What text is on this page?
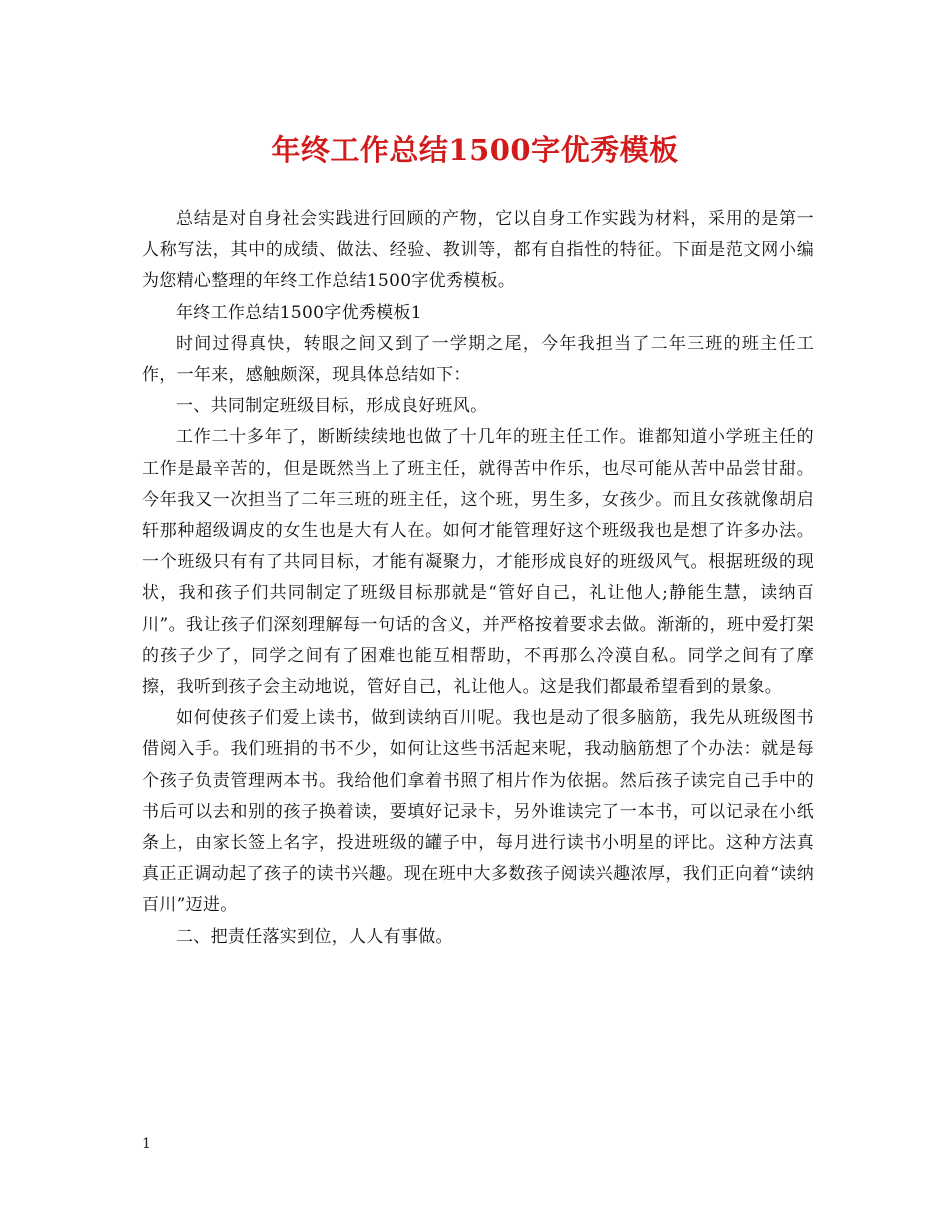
年终工作总结1500字优秀模板

总结是对自身社会实践进行回顾的产物，它以自身工作实践为材料，采用的是第一人称写法，其中的成绩、做法、经验、教训等，都有自指性的特征。下面是范文网小编为您精心整理的年终工作总结1500字优秀模板。

年终工作总结1500字优秀模板1

时间过得真快，转眼之间又到了一学期之尾，今年我担当了二年三班的班主任工作，一年来，感触颇深，现具体总结如下：

一、共同制定班级目标，形成良好班风。

工作二十多年了，断断续续地也做了十几年的班主任工作。谁都知道小学班主任的工作是最辛苦的，但是既然当上了班主任，就得苦中作乐，也尽可能从苦中品尝甘甜。今年我又一次担当了二年三班的班主任，这个班，男生多，女孩少。而且女孩就像胡启轩那种超级调皮的女生也是大有人在。如何才能管理好这个班级我也是想了许多办法。一个班级只有有了共同目标，才能有凝聚力，才能形成良好的班级风气。根据班级的现状，我和孩子们共同制定了班级目标那就是“管好自己，礼让他人;静能生慧，读纳百川”。我让孩子们深刻理解每一句话的含义，并严格按着要求去做。渐渐的，班中爱打架的孩子少了，同学之间有了困难也能互相帮助，不再那么冷漠自私。同学之间有了摩擦，我听到孩子会主动地说，管好自己，礼让他人。这是我们都最希望看到的景象。

如何使孩子们爱上读书，做到读纳百川呢。我也是动了很多脑筋，我先从班级图书借阅入手。我们班捐的书不少，如何让这些书活起来呢，我动脑筋想了个办法：就是每个孩子负责管理两本书。我给他们拿着书照了相片作为依据。然后孩子读完自己手中的书后可以去和别的孩子换着读，要填好记录卡，另外谁读完了一本书，可以记录在小纸条上，由家长签上名字，投进班级的罐子中，每月进行读书小明星的评比。这种方法真真正正调动起了孩子的读书兴趣。现在班中大多数孩子阅读兴趣浓厚，我们正向着“读纳百川”迈进。

二、把责任落实到位，人人有事做。

1
